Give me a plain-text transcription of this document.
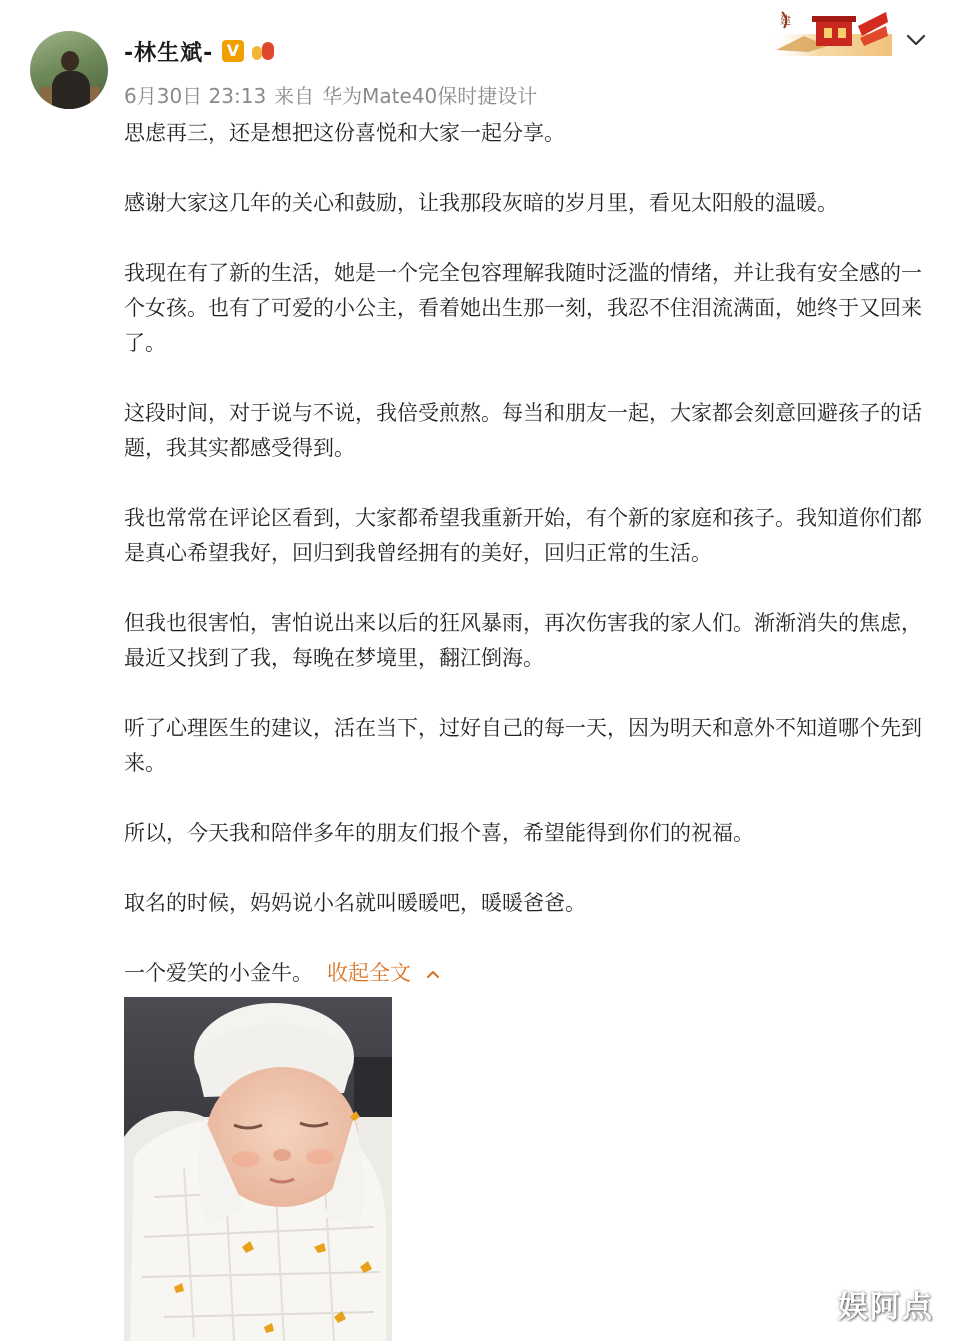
-林生斌- V
6月30日 23:13 来自 华为Mate40保时捷设计
建

思虑再三，还是想把这份喜悦和大家一起分享。

感谢大家这几年的关心和鼓励，让我那段灰暗的岁月里，看见太阳般的温暖。

我现在有了新的生活，她是一个完全包容理解我随时泛滥的情绪，并让我有安全感的一个女孩。也有了可爱的小公主，看着她出生那一刻，我忍不住泪流满面，她终于又回来了。

这段时间，对于说与不说，我倍受煎熬。每当和朋友一起，大家都会刻意回避孩子的话题，我其实都感受得到。

我也常常在评论区看到，大家都希望我重新开始，有个新的家庭和孩子。我知道你们都是真心希望我好，回归到我曾经拥有的美好，回归正常的生活。

但我也很害怕，害怕说出来以后的狂风暴雨，再次伤害我的家人们。渐渐消失的焦虑，最近又找到了我，每晚在梦境里，翻江倒海。

听了心理医生的建议，活在当下，过好自己的每一天，因为明天和意外不知道哪个先到来。

所以，今天我和陪伴多年的朋友们报个喜，希望能得到你们的祝福。

取名的时候，妈妈说小名就叫暖暖吧，暖暖爸爸。

一个爱笑的小金牛。 收起全文

娱阿点
